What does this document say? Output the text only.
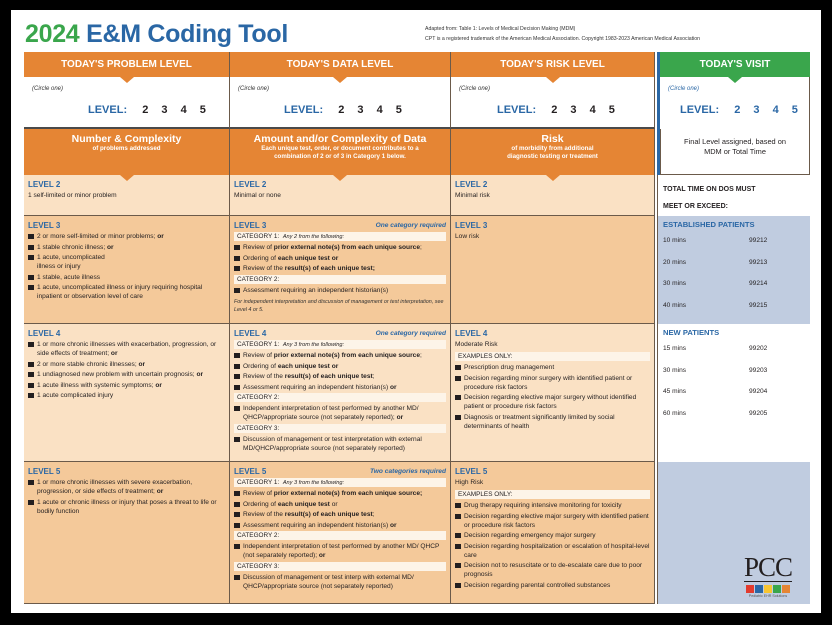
2024 E&M Coding Tool	Adapted from: Table 1: Levels of Medical Decision Making (MDM)
CPT is a registered trademark of the American Medical Association. Copyright 1983-2023 American Medical Association
TODAY'S PROBLEM LEVEL
(Circle one)
LEVEL: 2 3 4 5
Number & Complexity
of problems addressed
LEVEL 2
1 self-limited or minor problem
LEVEL 3
2 or more self-limited or minor problems; or
1 stable chronic illness; or
1 acute, uncomplicated illness or injury
1 stable, acute illness
1 acute, uncomplicated illness or injury requiring hospital inpatient or observation level of care
LEVEL 4
1 or more chronic illnesses with exacerbation, progression, or side effects of treatment; or
2 or more stable chronic illnesses; or
1 undiagnosed new problem with uncertain prognosis; or
1 acute illness with systemic symptoms; or
1 acute complicated injury
LEVEL 5
1 or more chronic illnesses with severe exacerbation, progression, or side effects of treatment; or
1 acute or chronic illness or injury that poses a threat to life or bodily function
TODAY'S DATA LEVEL
(Circle one)
LEVEL: 2 3 4 5
Amount and/or Complexity of Data
Each unique test, order, or document contributes to a combination of 2 or of 3 in Category 1 below.
LEVEL 2
Minimal or none
LEVEL 3	One category required
CATEGORY 1: Any 2 from the following:
Review of prior external note(s) from each unique source;
Ordering of each unique test or
Review of the result(s) of each unique test;
CATEGORY 2:
Assessment requiring an independent historian(s)
For independent interpretation and discussion of management or test interpretation, see Level 4 or 5.
LEVEL 4	One category required
CATEGORY 1: Any 3 from the following:
Review of prior external note(s) from each unique source;
Ordering of each unique test or
Review of the result(s) of each unique test;
Assessment requiring an independent historian(s) or
CATEGORY 2:
Independent interpretation of test performed by another MD/ QHCP/appropriate source (not separately reported); or
CATEGORY 3:
Discussion of management or test interpretation with external MD/QHCP/appropriate source (not separately reported)
LEVEL 5	Two categories required
CATEGORY 1: Any 3 from the following:
Review of prior external note(s) from each unique source;
Ordering of each unique test or
Review of the result(s) of each unique test;
Assessment requiring an independent historian(s) or
CATEGORY 2:
Independent interpretation of test performed by another MD/ QHCP (not separately reported); or
CATEGORY 3:
Discussion of management or test interp with external MD/ QHCP/appropriate source (not separately reported)
TODAY'S RISK LEVEL
(Circle one)
LEVEL: 2 3 4 5
Risk
of morbidity from additional diagnostic testing or treatment
LEVEL 2
Minimal risk
LEVEL 3
Low risk
LEVEL 4
Moderate Risk
EXAMPLES ONLY:
Prescription drug management
Decision regarding minor surgery with identified patient or procedure risk factors
Decision regarding elective major surgery without identified patient or procedure risk factors
Diagnosis or treatment significantly limited by social determinants of health
LEVEL 5
High Risk
EXAMPLES ONLY:
Drug therapy requiring intensive monitoring for toxicity
Decision regarding elective major surgery with identified patient or procedure risk factors
Decision regarding emergency major surgery
Decision regarding hospitalization or escalation of hospital-level care
Decision not to resuscitate or to de-escalate care due to poor prognosis
Decision regarding parental controlled substances
TODAY'S VISIT
(Circle one)
LEVEL: 2 3 4 5
Final Level assigned, based on MDM or Total Time
TOTAL TIME ON DOS MUST
MEET OR EXCEED:
ESTABLISHED PATIENTS
10 mins	99212
20 mins	99213
30 mins	99214
40 mins	99215
NEW PATIENTS
15 mins	99202
30 mins	99203
45 mins	99204
60 mins	99205
PCC
Pediatric EHR Solutions
